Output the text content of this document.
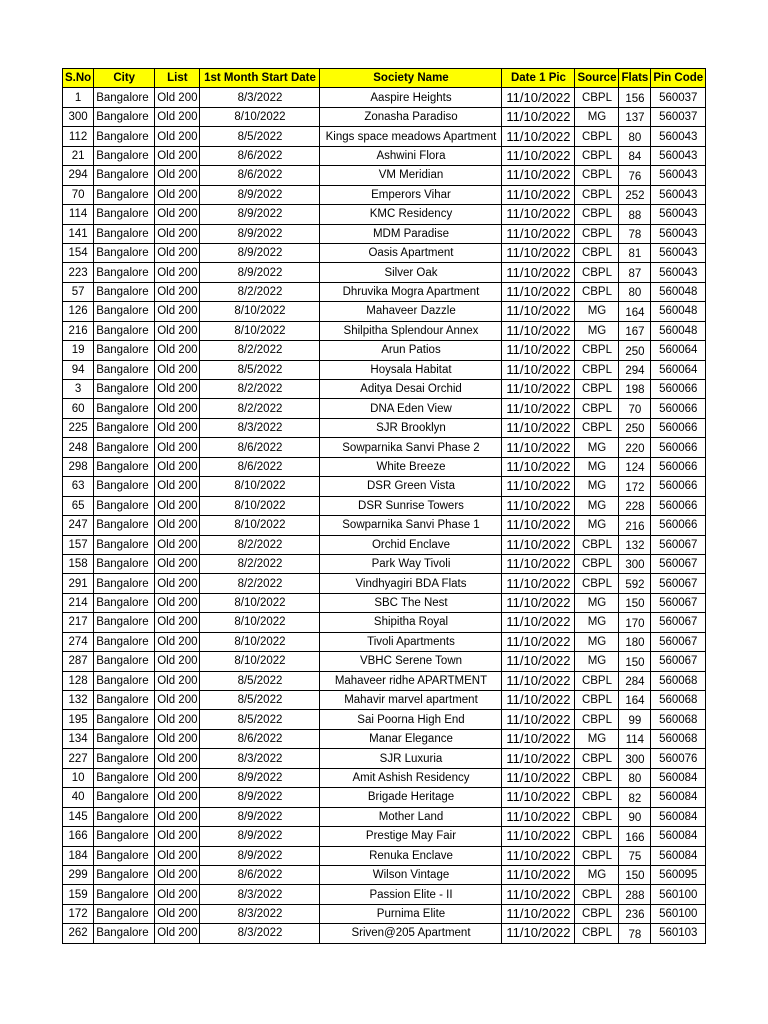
S.No	City	List	1st Month Start Date	Society Name	Date 1 Pic	Source	Flats	Pin Code
1	Bangalore	Old 200	8/3/2022	Aaspire Heights	11/10/2022	CBPL	156	560037
300	Bangalore	Old 200	8/10/2022	Zonasha Paradiso	11/10/2022	MG	137	560037
112	Bangalore	Old 200	8/5/2022	Kings space meadows Apartment	11/10/2022	CBPL	80	560043
21	Bangalore	Old 200	8/6/2022	Ashwini Flora	11/10/2022	CBPL	84	560043
294	Bangalore	Old 200	8/6/2022	VM Meridian	11/10/2022	CBPL	76	560043
70	Bangalore	Old 200	8/9/2022	Emperors Vihar	11/10/2022	CBPL	252	560043
114	Bangalore	Old 200	8/9/2022	KMC Residency	11/10/2022	CBPL	88	560043
141	Bangalore	Old 200	8/9/2022	MDM Paradise	11/10/2022	CBPL	78	560043
154	Bangalore	Old 200	8/9/2022	Oasis Apartment	11/10/2022	CBPL	81	560043
223	Bangalore	Old 200	8/9/2022	Silver Oak	11/10/2022	CBPL	87	560043
57	Bangalore	Old 200	8/2/2022	Dhruvika Mogra Apartment	11/10/2022	CBPL	80	560048
126	Bangalore	Old 200	8/10/2022	Mahaveer Dazzle	11/10/2022	MG	164	560048
216	Bangalore	Old 200	8/10/2022	Shilpitha Splendour Annex	11/10/2022	MG	167	560048
19	Bangalore	Old 200	8/2/2022	Arun Patios	11/10/2022	CBPL	250	560064
94	Bangalore	Old 200	8/5/2022	Hoysala Habitat	11/10/2022	CBPL	294	560064
3	Bangalore	Old 200	8/2/2022	Aditya Desai Orchid	11/10/2022	CBPL	198	560066
60	Bangalore	Old 200	8/2/2022	DNA Eden View	11/10/2022	CBPL	70	560066
225	Bangalore	Old 200	8/3/2022	SJR Brooklyn	11/10/2022	CBPL	250	560066
248	Bangalore	Old 200	8/6/2022	Sowparnika Sanvi Phase 2	11/10/2022	MG	220	560066
298	Bangalore	Old 200	8/6/2022	White Breeze	11/10/2022	MG	124	560066
63	Bangalore	Old 200	8/10/2022	DSR Green Vista	11/10/2022	MG	172	560066
65	Bangalore	Old 200	8/10/2022	DSR Sunrise Towers	11/10/2022	MG	228	560066
247	Bangalore	Old 200	8/10/2022	Sowparnika Sanvi Phase 1	11/10/2022	MG	216	560066
157	Bangalore	Old 200	8/2/2022	Orchid Enclave	11/10/2022	CBPL	132	560067
158	Bangalore	Old 200	8/2/2022	Park Way Tivoli	11/10/2022	CBPL	300	560067
291	Bangalore	Old 200	8/2/2022	Vindhyagiri BDA Flats	11/10/2022	CBPL	592	560067
214	Bangalore	Old 200	8/10/2022	SBC The Nest	11/10/2022	MG	150	560067
217	Bangalore	Old 200	8/10/2022	Shipitha Royal	11/10/2022	MG	170	560067
274	Bangalore	Old 200	8/10/2022	Tivoli Apartments	11/10/2022	MG	180	560067
287	Bangalore	Old 200	8/10/2022	VBHC Serene Town	11/10/2022	MG	150	560067
128	Bangalore	Old 200	8/5/2022	Mahaveer ridhe APARTMENT	11/10/2022	CBPL	284	560068
132	Bangalore	Old 200	8/5/2022	Mahavir marvel apartment	11/10/2022	CBPL	164	560068
195	Bangalore	Old 200	8/5/2022	Sai Poorna High End	11/10/2022	CBPL	99	560068
134	Bangalore	Old 200	8/6/2022	Manar Elegance	11/10/2022	MG	114	560068
227	Bangalore	Old 200	8/3/2022	SJR Luxuria	11/10/2022	CBPL	300	560076
10	Bangalore	Old 200	8/9/2022	Amit Ashish Residency	11/10/2022	CBPL	80	560084
40	Bangalore	Old 200	8/9/2022	Brigade Heritage	11/10/2022	CBPL	82	560084
145	Bangalore	Old 200	8/9/2022	Mother Land	11/10/2022	CBPL	90	560084
166	Bangalore	Old 200	8/9/2022	Prestige May Fair	11/10/2022	CBPL	166	560084
184	Bangalore	Old 200	8/9/2022	Renuka Enclave	11/10/2022	CBPL	75	560084
299	Bangalore	Old 200	8/6/2022	Wilson Vintage	11/10/2022	MG	150	560095
159	Bangalore	Old 200	8/3/2022	Passion Elite - II	11/10/2022	CBPL	288	560100
172	Bangalore	Old 200	8/3/2022	Purnima Elite	11/10/2022	CBPL	236	560100
262	Bangalore	Old 200	8/3/2022	Sriven@205 Apartment	11/10/2022	CBPL	78	560103
